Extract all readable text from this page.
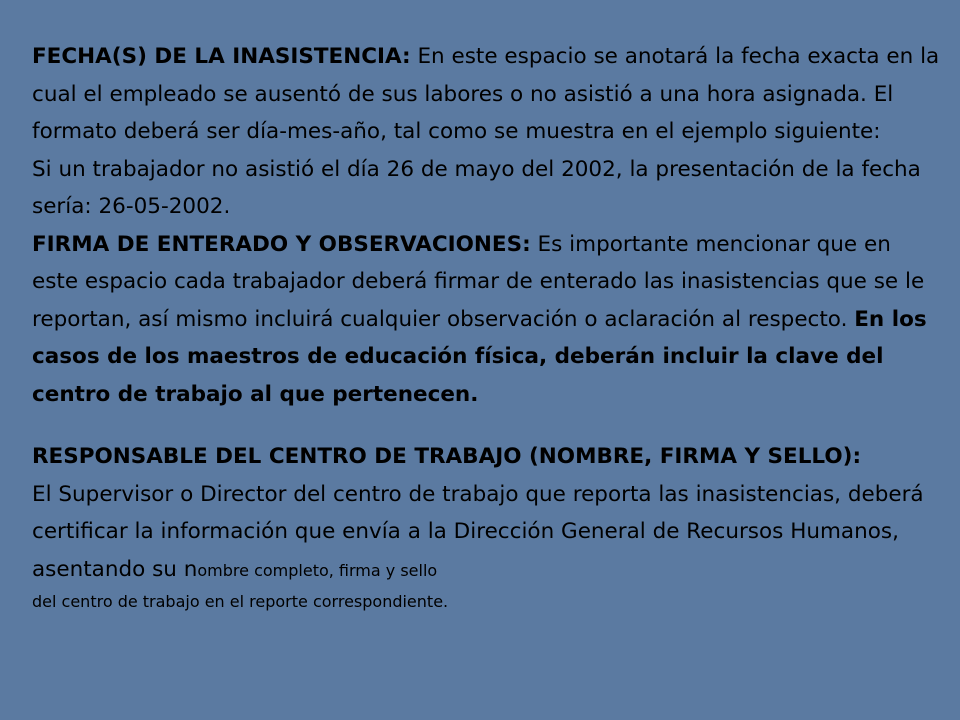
FECHA(S) DE LA INASISTENCIA: En este espacio se anotará la fecha exacta en la cual el empleado se ausentó de sus labores o no asistió a una hora asignada. El formato deberá ser día-mes-año, tal como se muestra en el ejemplo siguiente:

Si un trabajador no asistió el día 26 de mayo del 2002, la presentación de la fecha sería: 26-05-2002.

FIRMA DE ENTERADO Y OBSERVACIONES: Es importante mencionar que en este espacio cada trabajador deberá firmar de enterado las inasistencias que se le reportan, así mismo incluirá cualquier observación o aclaración al respecto. En los casos de los maestros de educación física, deberán incluir la clave del centro de trabajo al que pertenecen.

RESPONSABLE DEL CENTRO DE TRABAJO (NOMBRE, FIRMA Y SELLO):

El Supervisor o Director del centro de trabajo que reporta las inasistencias, deberá certificar la información que envía a la Dirección General de Recursos Humanos, asentando su nombre completo, firma y sello

del centro de trabajo en el reporte correspondiente.
